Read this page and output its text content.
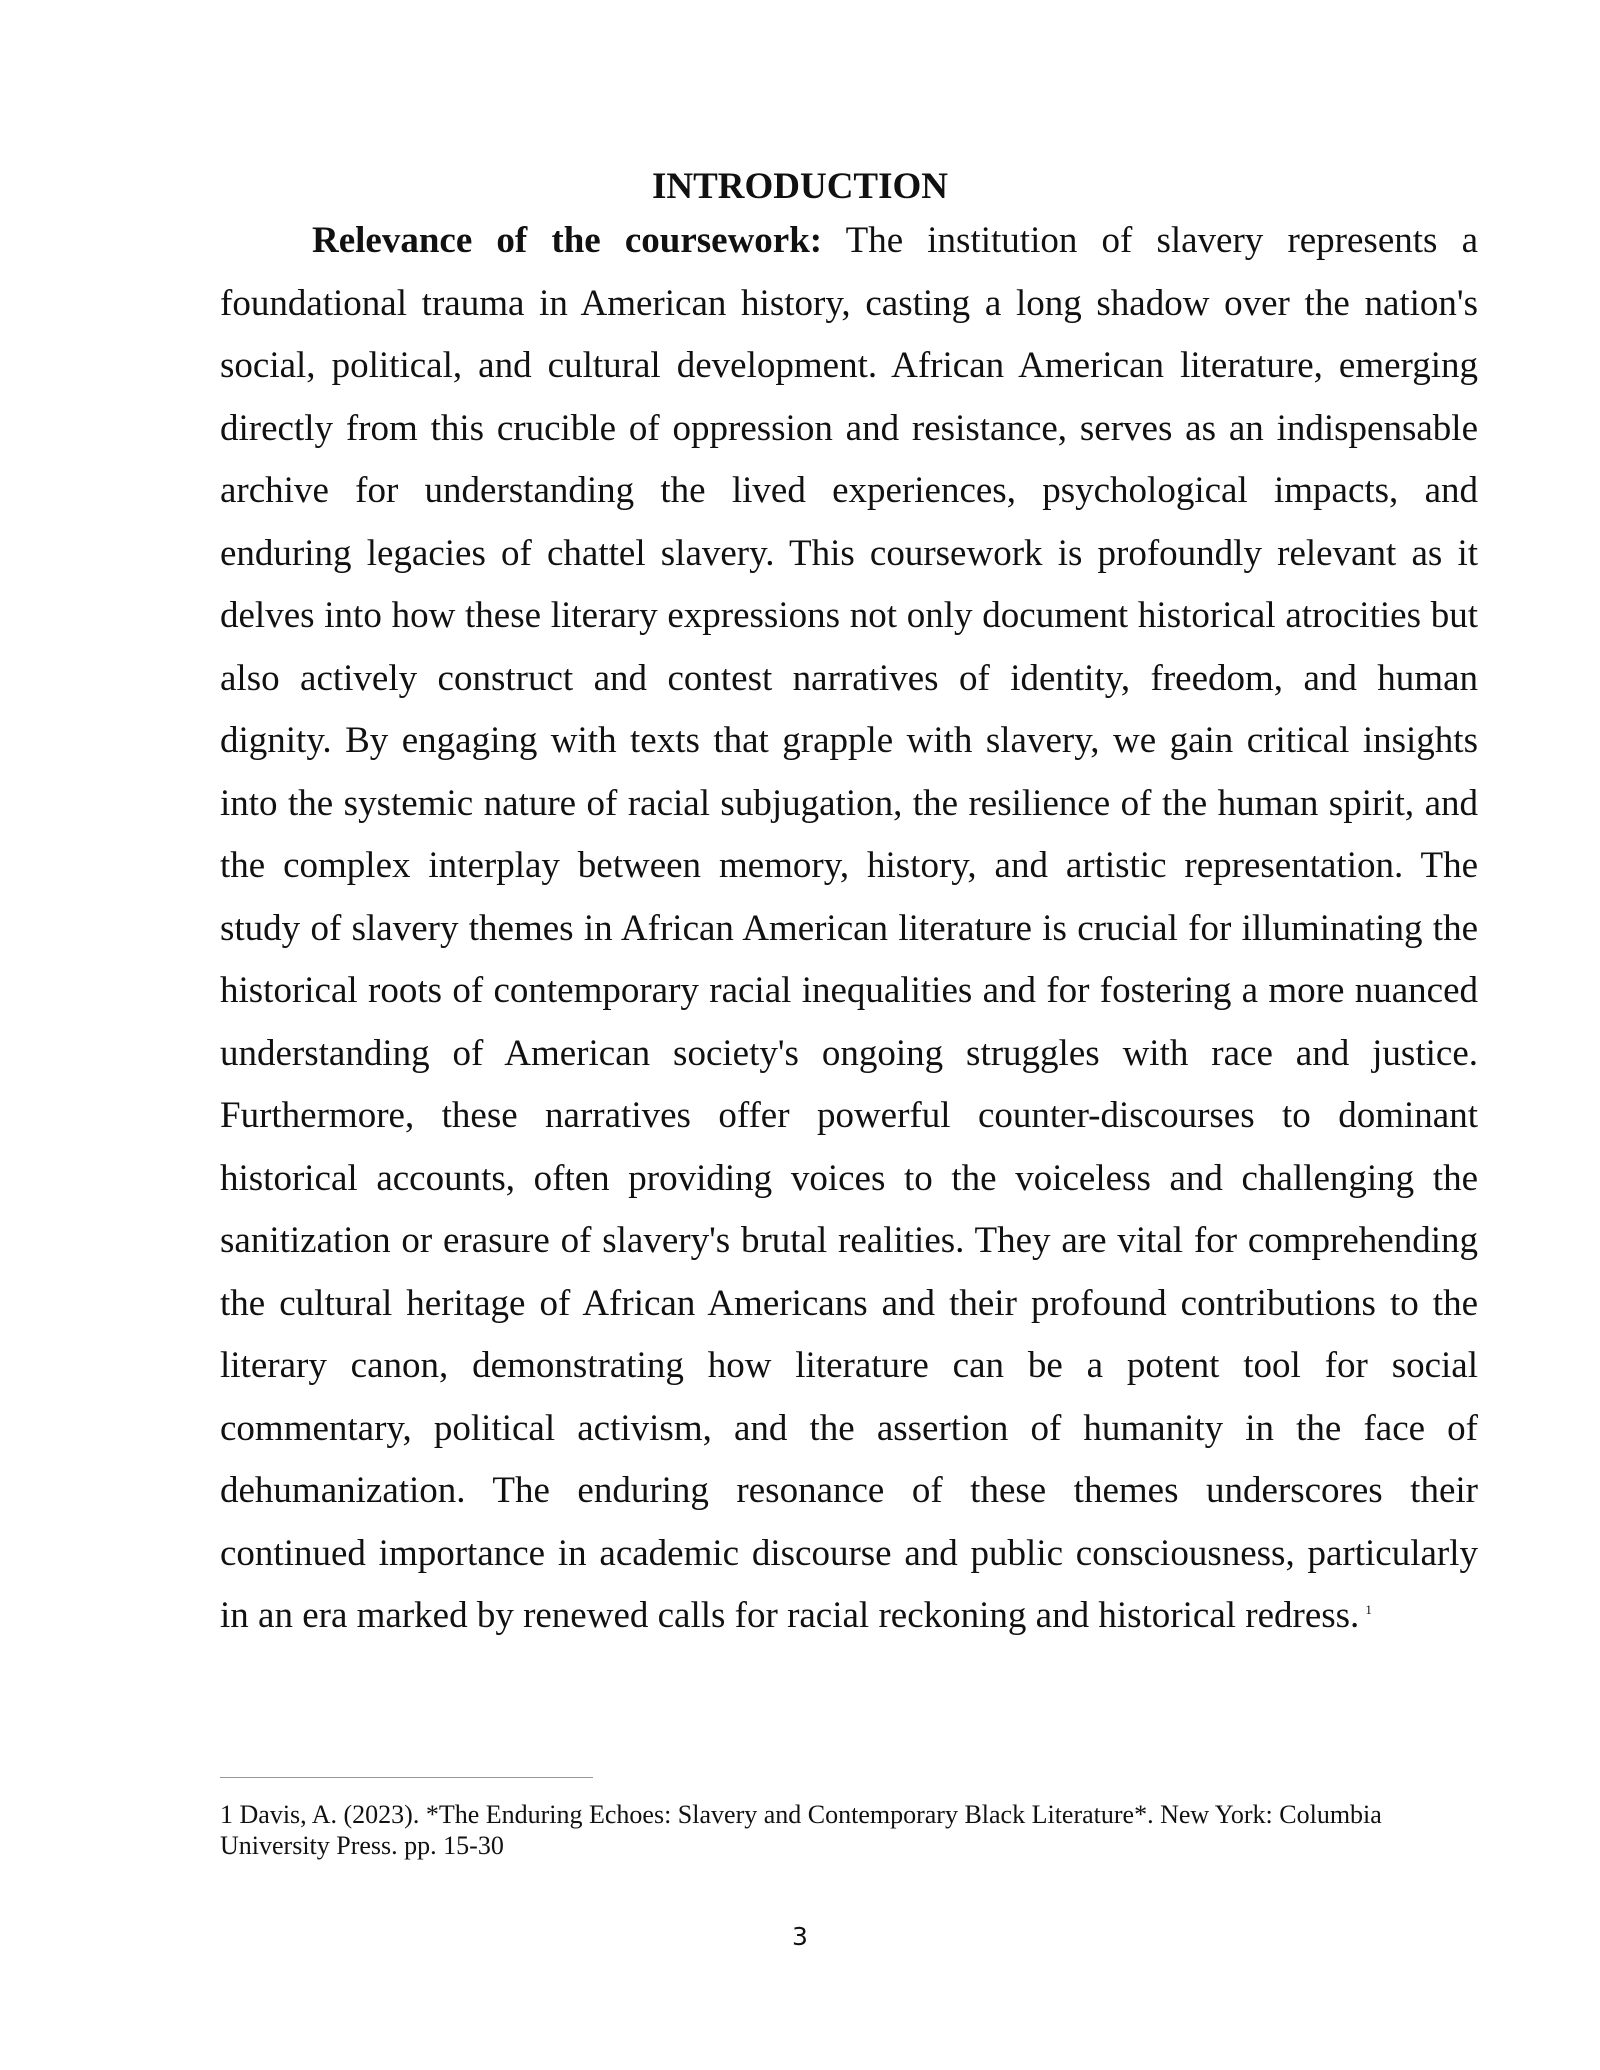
INTRODUCTION

Relevance of the coursework: The institution of slavery represents a foundational trauma in American history, casting a long shadow over the nation's social, political, and cultural development. African American literature, emerging directly from this crucible of oppression and resistance, serves as an indispensable archive for understanding the lived experiences, psychological impacts, and enduring legacies of chattel slavery. This coursework is profoundly relevant as it delves into how these literary expressions not only document historical atrocities but also actively construct and contest narratives of identity, freedom, and human dignity. By engaging with texts that grapple with slavery, we gain critical insights into the systemic nature of racial subjugation, the resilience of the human spirit, and the complex interplay between memory, history, and artistic representation. The study of slavery themes in African American literature is crucial for illuminating the historical roots of contemporary racial inequalities and for fostering a more nuanced understanding of American society's ongoing struggles with race and justice. Furthermore, these narratives offer powerful counter-discourses to dominant historical accounts, often providing voices to the voiceless and challenging the sanitization or erasure of slavery's brutal realities. They are vital for comprehending the cultural heritage of African Americans and their profound contributions to the literary canon, demonstrating how literature can be a potent tool for social commentary, political activism, and the assertion of humanity in the face of dehumanization. The enduring resonance of these themes underscores their continued importance in academic discourse and public consciousness, particularly in an era marked by renewed calls for racial reckoning and historical redress. $^1$

1 Davis, A. (2023). *The Enduring Echoes: Slavery and Contemporary Black Literature*. New York: Columbia University Press. pp. 15-30

3
